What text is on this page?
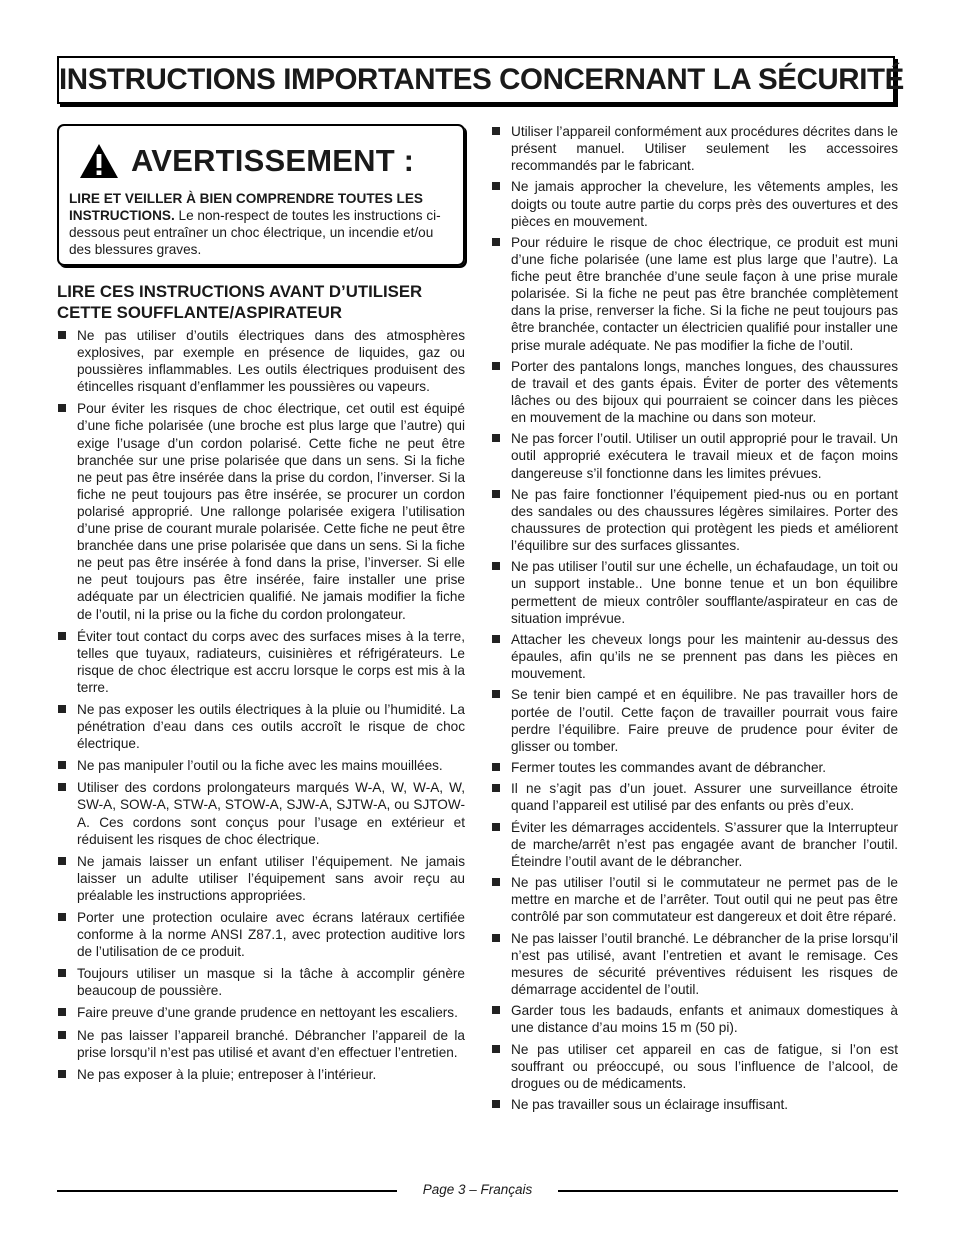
INSTRUCTIONS IMPORTANTES CONCERNANT LA SÉCURITÉ
AVERTISSEMENT :

LIRE ET VEILLER À BIEN COMPRENDRE TOUTES LES INSTRUCTIONS. Le non-respect de toutes les instructions ci-dessous peut entraîner un choc électrique, un incendie et/ou des blessures graves.

LIRE CES INSTRUCTIONS AVANT D’UTILISER CETTE SOUFFLANTE/ASPIRATEUR
Ne pas utiliser d’outils électriques dans des atmosphères explosives, par exemple en présence de liquides, gaz ou poussières inflammables. Les outils électriques produisent des étincelles risquant d’enflammer les poussières ou vapeurs.
Pour éviter les risques de choc électrique, cet outil est équipé d’une fiche polarisée (une broche est plus large que l’autre) qui exige l’usage d’un cordon polarisé. Cette fiche ne peut être branchée sur une prise polarisée que dans un sens. Si la fiche ne peut pas être insérée dans la prise du cordon, l’inverser. Si la fiche ne peut toujours pas être insérée, se procurer un cordon polarisé approprié. Une rallonge polarisée exigera l’utilisation d’une prise de courant murale polarisée. Cette fiche ne peut être branchée dans une prise polarisée que dans un sens. Si la fiche ne peut pas être insérée à fond dans la prise, l’inverser. Si elle ne peut toujours pas être insérée, faire installer une prise adéquate par un électricien qualifié. Ne jamais modifier la fiche de l’outil, ni la prise ou la fiche du cordon prolongateur.
Éviter tout contact du corps avec des surfaces mises à la terre, telles que tuyaux, radiateurs, cuisinières et réfrigérateurs. Le risque de choc électrique est accru lorsque le corps est mis à la terre.
Ne pas exposer les outils électriques à la pluie ou l’humidité. La pénétration d’eau dans ces outils accroît le risque de choc électrique.
Ne pas manipuler l’outil ou la fiche avec les mains mouillées.
Utiliser des cordons prolongateurs marqués W-A, W, W-A, W, SW-A, SOW-A, STW-A, STOW-A, SJW-A, SJTW-A, ou SJTOW-A. Ces cordons sont conçus pour l’usage en extérieur et réduisent les risques de choc électrique.
Ne jamais laisser un enfant utiliser l’équipement. Ne jamais laisser un adulte utiliser l’équipement sans avoir reçu au préalable les instructions appropriées.
Porter une protection oculaire avec écrans latéraux certifiée conforme à la norme ANSI Z87.1, avec protection auditive lors de l’utilisation de ce produit.
Toujours utiliser un masque si la tâche à accomplir génère beaucoup de poussière.
Faire preuve d’une grande prudence en nettoyant les escaliers.
Ne pas laisser l’appareil branché. Débrancher l’appareil de la prise lorsqu’il n’est pas utilisé et avant d’en effectuer l’entretien.
Ne pas exposer à la pluie; entreposer à l’intérieur.
Utiliser l’appareil conformément aux procédures décrites dans le présent manuel. Utiliser seulement les accessoires recommandés par le fabricant.
Ne jamais approcher la chevelure, les vêtements amples, les doigts ou toute autre partie du corps près des ouvertures et des pièces en mouvement.
Pour réduire le risque de choc électrique, ce produit est muni d’une fiche polarisée (une lame est plus large que l’autre). La fiche peut être branchée d’une seule façon à une prise murale polarisée. Si la fiche ne peut pas être branchée complètement dans la prise, renverser la fiche. Si la fiche ne peut toujours pas être branchée, contacter un électricien qualifié pour installer une prise murale adéquate. Ne pas modifier la fiche de l’outil.
Porter des pantalons longs, manches longues, des chaussures de travail et des gants épais. Éviter de porter des vêtements lâches ou des bijoux qui pourraient se coincer dans les pièces en mouvement de la machine ou dans son moteur.
Ne pas forcer l’outil. Utiliser un outil approprié pour le travail. Un outil approprié exécutera le travail mieux et de façon moins dangereuse s’il fonctionne dans les limites prévues.
Ne pas faire fonctionner l’équipement pied-nus ou en portant des sandales ou des chaussures légères similaires. Porter des chaussures de protection qui protègent les pieds et améliorent l’équilibre sur des surfaces glissantes.
Ne pas utiliser l’outil sur une échelle, un échafaudage, un toit ou un support instable.. Une bonne tenue et un bon équilibre permettent de mieux contrôler soufflante/aspirateur en cas de situation imprévue.
Attacher les cheveux longs pour les maintenir au-dessus des épaules, afin qu’ils ne se prennent pas dans les pièces en mouvement.
Se tenir bien campé et en équilibre. Ne pas travailler hors de portée de l’outil. Cette façon de travailler pourrait vous faire perdre l’équilibre. Faire preuve de prudence pour éviter de glisser ou tomber.
Fermer toutes les commandes avant de débrancher.
Il ne s’agit pas d’un jouet. Assurer une surveillance étroite quand l’appareil est utilisé par des enfants ou près d’eux.
Éviter les démarrages accidentels. S’assurer que la Interrupteur de marche/arrêt n’est pas engagée avant de brancher l’outil. Éteindre l’outil avant de le débrancher.
Ne pas utiliser l’outil si le commutateur ne permet pas de le mettre en marche et de l’arrêter. Tout outil qui ne peut pas être contrôlé par son commutateur est dangereux et doit être réparé.
Ne pas laisser l’outil branché. Le débrancher de la prise lorsqu’il n’est pas utilisé, avant l’entretien et avant le remisage. Ces mesures de sécurité préventives réduisent les risques de démarrage accidentel de l’outil.
Garder tous les badauds, enfants et animaux domestiques à une distance d’au moins 15 m (50 pi).
Ne pas utiliser cet appareil en cas de fatigue, si l’on est souffrant ou préoccupé, ou sous l’influence de l’alcool, de drogues ou de médicaments.
Ne pas travailler sous un éclairage insuffisant.
Page 3 – Français
